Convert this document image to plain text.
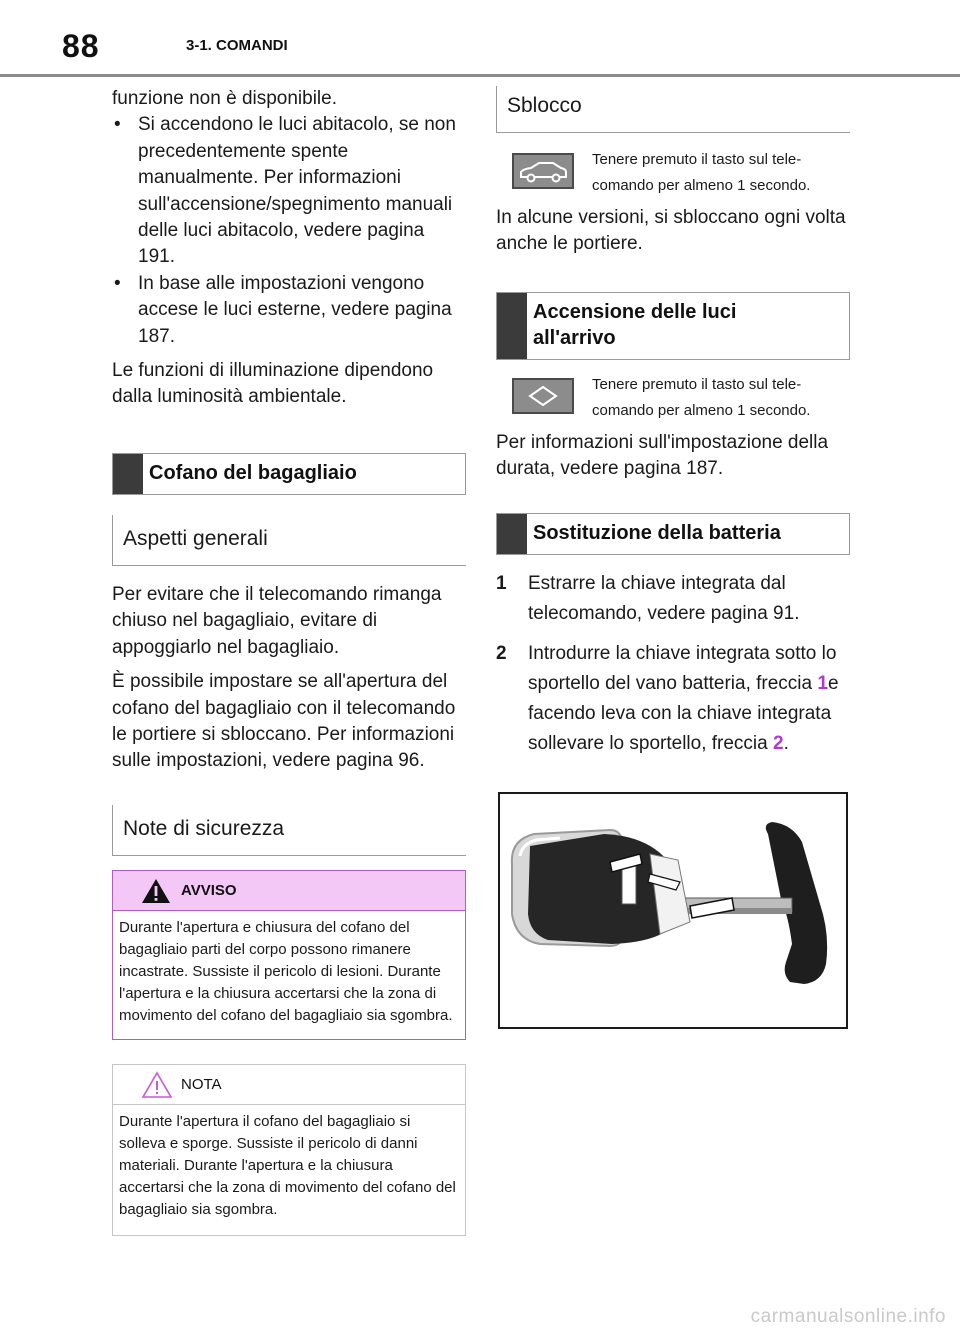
88	3-1. COMANDI
funzione non è disponibile.
• Si accendono le luci abitacolo, se non precedentemente spente manualmente. Per informazioni sull'accensione/spegnimento manuali delle luci abitacolo, vedere pagina 191.
• In base alle impostazioni vengono accese le luci esterne, vedere pagina 187.
Le funzioni di illuminazione dipendono dalla luminosità ambientale.
Cofano del bagagliaio
Aspetti generali
Per evitare che il telecomando rimanga chiuso nel bagagliaio, evitare di appoggiarlo nel bagagliaio.
È possibile impostare se all'apertura del cofano del bagagliaio con il telecomando le portiere si sbloccano. Per informazioni sulle impostazioni, vedere pagina 96.
Note di sicurezza
AVVISO
Durante l'apertura e chiusura del cofano del bagagliaio parti del corpo possono rimanere incastrate. Sussiste il pericolo di lesioni. Durante l'apertura e la chiusura accertarsi che la zona di movimento del cofano del bagagliaio sia sgombra.
NOTA
Durante l'apertura il cofano del bagagliaio si solleva e sporge. Sussiste il pericolo di danni materiali. Durante l'apertura e la chiusura accertarsi che la zona di movimento del cofano del bagagliaio sia sgombra.
Sblocco
Tenere premuto il tasto sul tele-
comando per almeno 1 secondo.
In alcune versioni, si sbloccano ogni volta anche le portiere.
Accensione delle luci
all'arrivo
Tenere premuto il tasto sul tele-
comando per almeno 1 secondo.
Per informazioni sull'impostazione della durata, vedere pagina 187.
Sostituzione della batteria
1 Estrarre la chiave integrata dal telecomando, vedere pagina 91.
2 Introdurre la chiave integrata sotto lo sportello del vano batteria, freccia 1e facendo leva con la chiave integrata sollevare lo sportello, freccia 2.
carmanualsonline.info
